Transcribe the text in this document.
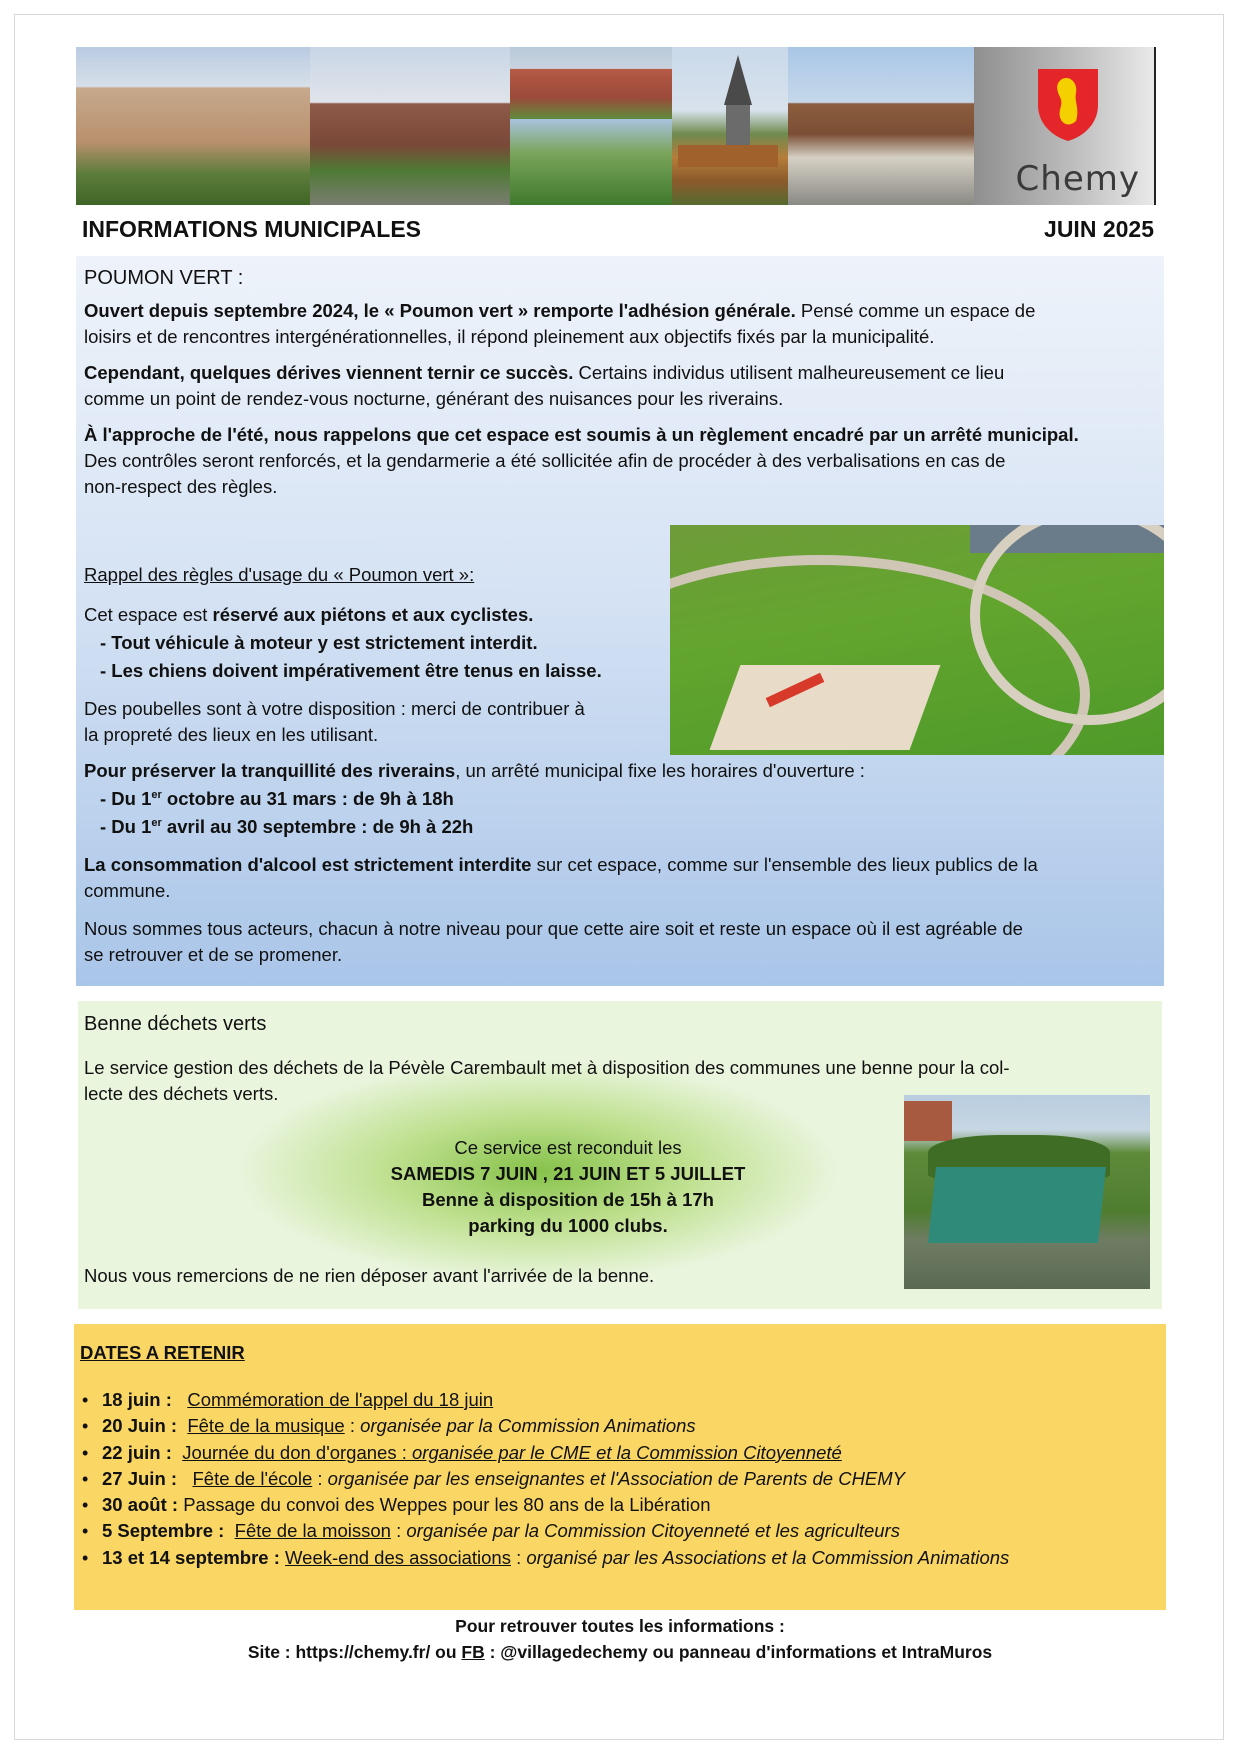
Chemy
INFORMATIONS MUNICIPALES	JUIN 2025
POUMON VERT :
Ouvert depuis septembre 2024, le « Poumon vert » remporte l'adhésion générale. Pensé comme un espace de
loisirs et de rencontres intergénérationnelles, il répond pleinement aux objectifs fixés par la municipalité.
Cependant, quelques dérives viennent ternir ce succès. Certains individus utilisent malheureusement ce lieu
comme un point de rendez-vous nocturne, générant des nuisances pour les riverains.
À l'approche de l'été, nous rappelons que cet espace est soumis à un règlement encadré par un arrêté municipal.
Des contrôles seront renforcés, et la gendarmerie a été sollicitée afin de procéder à des verbalisations en cas de
non-respect des règles.
Rappel des règles d'usage du « Poumon vert »:
Cet espace est réservé aux piétons et aux cyclistes.
- Tout véhicule à moteur y est strictement interdit.
- Les chiens doivent impérativement être tenus en laisse.
Des poubelles sont à votre disposition : merci de contribuer à
la propreté des lieux en les utilisant.
Pour préserver la tranquillité des riverains, un arrêté municipal fixe les horaires d'ouverture :
- Du 1er octobre au 31 mars : de 9h à 18h
- Du 1er avril au 30 septembre : de 9h à 22h
La consommation d'alcool est strictement interdite sur cet espace, comme sur l'ensemble des lieux publics de la
commune.
Nous sommes tous acteurs, chacun à notre niveau pour que cette aire soit et reste un espace où il est agréable de
se retrouver et de se promener.
Benne déchets verts
Le service gestion des déchets de la Pévèle Carembault met à disposition des communes une benne pour la col-
lecte des déchets verts.
Ce service est reconduit les
SAMEDIS 7 JUIN , 21 JUIN ET 5 JUILLET
Benne à disposition de 15h à 17h
parking du 1000 clubs.
Nous vous remercions de ne rien déposer avant l'arrivée de la benne.
DATES A RETENIR
• 18 juin : Commémoration de l'appel du 18 juin
• 20 Juin : Fête de la musique : organisée par la Commission Animations
• 22 juin : Journée du don d'organes : organisée par le CME et la Commission Citoyenneté
• 27 Juin : Fête de l'école : organisée par les enseignantes et l'Association de Parents de CHEMY
• 30 août : Passage du convoi des Weppes pour les 80 ans de la Libération
• 5 Septembre : Fête de la moisson : organisée par la Commission Citoyenneté et les agriculteurs
• 13 et 14 septembre : Week-end des associations : organisé par les Associations et la Commission Animations
Pour retrouver toutes les informations :
Site : https://chemy.fr/ ou FB : @villagedechemy ou panneau d'informations et IntraMuros
